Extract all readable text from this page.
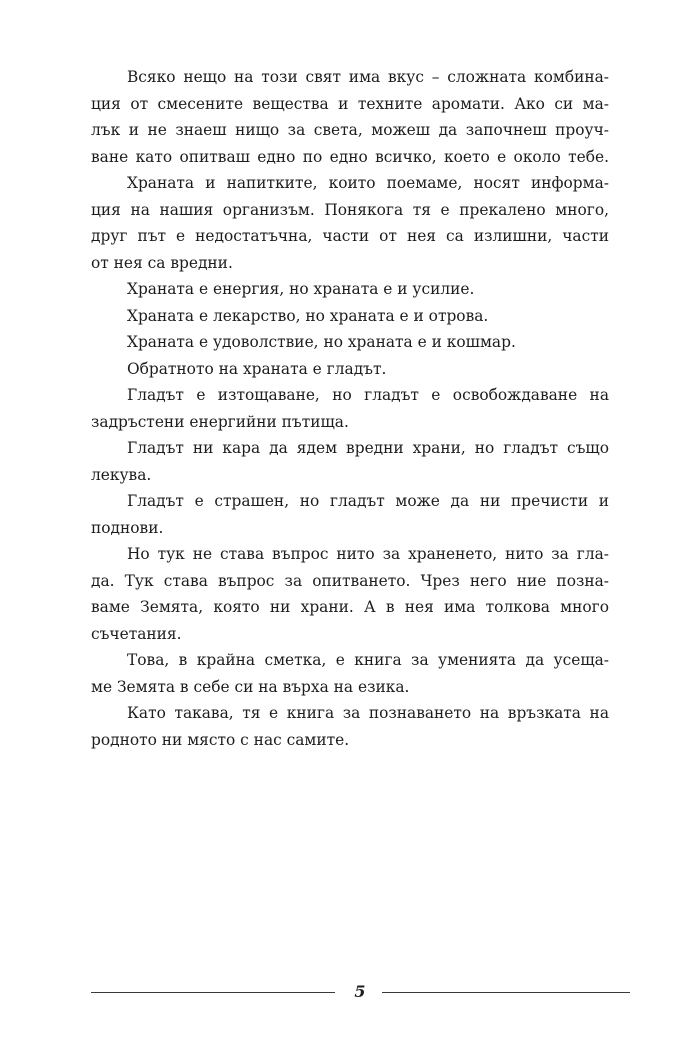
Всяко нещо на този свят има вкус – сложната комбина-
ция от смесените вещества и техните аромати. Ако си ма-
лък и не знаеш нищо за света, можеш да започнеш проуч-
ване като опитваш едно по едно всичко, което е около тебе.
Храната и напитките, които поемаме, носят информа-
ция на нашия организъм. Понякога тя е прекалено много,
друг път е недостатъчна, части от нея са излишни, части
от нея са вредни.
Храната е енергия, но храната е и усилие.
Храната е лекарство, но храната е и отрова.
Храната е удоволствие, но храната е и кошмар.
Обратното на храната е гладът.
Гладът е изтощаване, но гладът е освобождаване на
задръстени енергийни пътища.
Гладът ни кара да ядем вредни храни, но гладът също
лекува.
Гладът е страшен, но гладът може да ни пречисти и
поднови.
Но тук не става въпрос нито за храненето, нито за гла-
да. Тук става въпрос за опитването. Чрез него ние позна-
ваме Земята, която ни храни. А в нея има толкова много
съчетания.
Това, в крайна сметка, е книга за уменията да усеща-
ме Земята в себе си на върха на езика.
Като такава, тя е книга за познаването на връзката на
родното ни място с нас самите.
5
